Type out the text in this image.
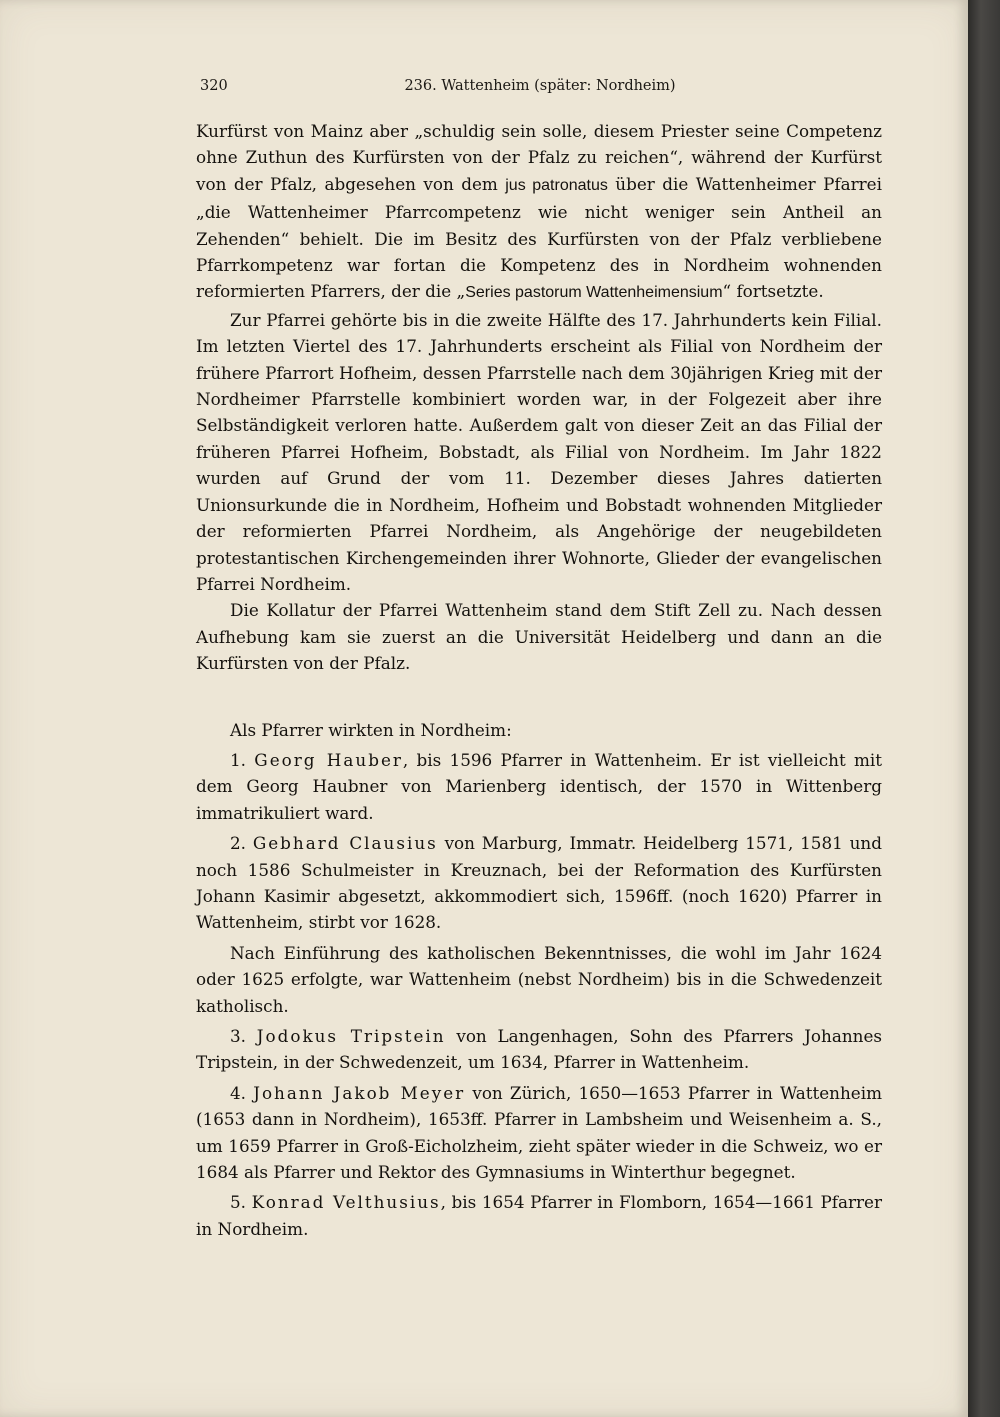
320	236. Wattenheim (später: Nordheim)

Kurfürst von Mainz aber „schuldig sein solle, diesem Priester seine Competenz ohne Zuthun des Kurfürsten von der Pfalz zu reichen“, während der Kurfürst von der Pfalz, abgesehen von dem jus patronatus über die Wattenheimer Pfarrei „die Wattenheimer Pfarrcompetenz wie nicht weniger sein Antheil an Zehenden“ behielt. Die im Besitz des Kurfürsten von der Pfalz verbliebene Pfarrkompetenz war fortan die Kompetenz des in Nordheim wohnenden reformierten Pfarrers, der die „Series pastorum Wattenheimensium“ fortsetzte.

Zur Pfarrei gehörte bis in die zweite Hälfte des 17. Jahrhunderts kein Filial. Im letzten Viertel des 17. Jahrhunderts erscheint als Filial von Nordheim der frühere Pfarrort Hofheim, dessen Pfarrstelle nach dem 30jährigen Krieg mit der Nordheimer Pfarrstelle kombiniert worden war, in der Folgezeit aber ihre Selbständigkeit verloren hatte. Außerdem galt von dieser Zeit an das Filial der früheren Pfarrei Hofheim, Bobstadt, als Filial von Nordheim. Im Jahr 1822 wurden auf Grund der vom 11. Dezember dieses Jahres datierten Unionsurkunde die in Nordheim, Hofheim und Bobstadt wohnenden Mitglieder der reformierten Pfarrei Nordheim, als Angehörige der neugebildeten protestantischen Kirchengemeinden ihrer Wohnorte, Glieder der evangelischen Pfarrei Nordheim.

Die Kollatur der Pfarrei Wattenheim stand dem Stift Zell zu. Nach dessen Aufhebung kam sie zuerst an die Universität Heidelberg und dann an die Kurfürsten von der Pfalz.

Als Pfarrer wirkten in Nordheim:

1. Georg Hauber, bis 1596 Pfarrer in Wattenheim. Er ist vielleicht mit dem Georg Haubner von Marienberg identisch, der 1570 in Wittenberg immatrikuliert ward.

2. Gebhard Clausius von Marburg, Immatr. Heidelberg 1571, 1581 und noch 1586 Schulmeister in Kreuznach, bei der Reformation des Kurfürsten Johann Kasimir abgesetzt, akkommodiert sich, 1596ff. (noch 1620) Pfarrer in Wattenheim, stirbt vor 1628.

Nach Einführung des katholischen Bekenntnisses, die wohl im Jahr 1624 oder 1625 erfolgte, war Wattenheim (nebst Nordheim) bis in die Schwedenzeit katholisch.

3. Jodokus Tripstein von Langenhagen, Sohn des Pfarrers Johannes Tripstein, in der Schwedenzeit, um 1634, Pfarrer in Wattenheim.

4. Johann Jakob Meyer von Zürich, 1650—1653 Pfarrer in Wattenheim (1653 dann in Nordheim), 1653ff. Pfarrer in Lambsheim und Weisenheim a. S., um 1659 Pfarrer in Groß-Eicholzheim, zieht später wieder in die Schweiz, wo er 1684 als Pfarrer und Rektor des Gymnasiums in Winterthur begegnet.

5. Konrad Velthusius, bis 1654 Pfarrer in Flomborn, 1654—1661 Pfarrer in Nordheim.
